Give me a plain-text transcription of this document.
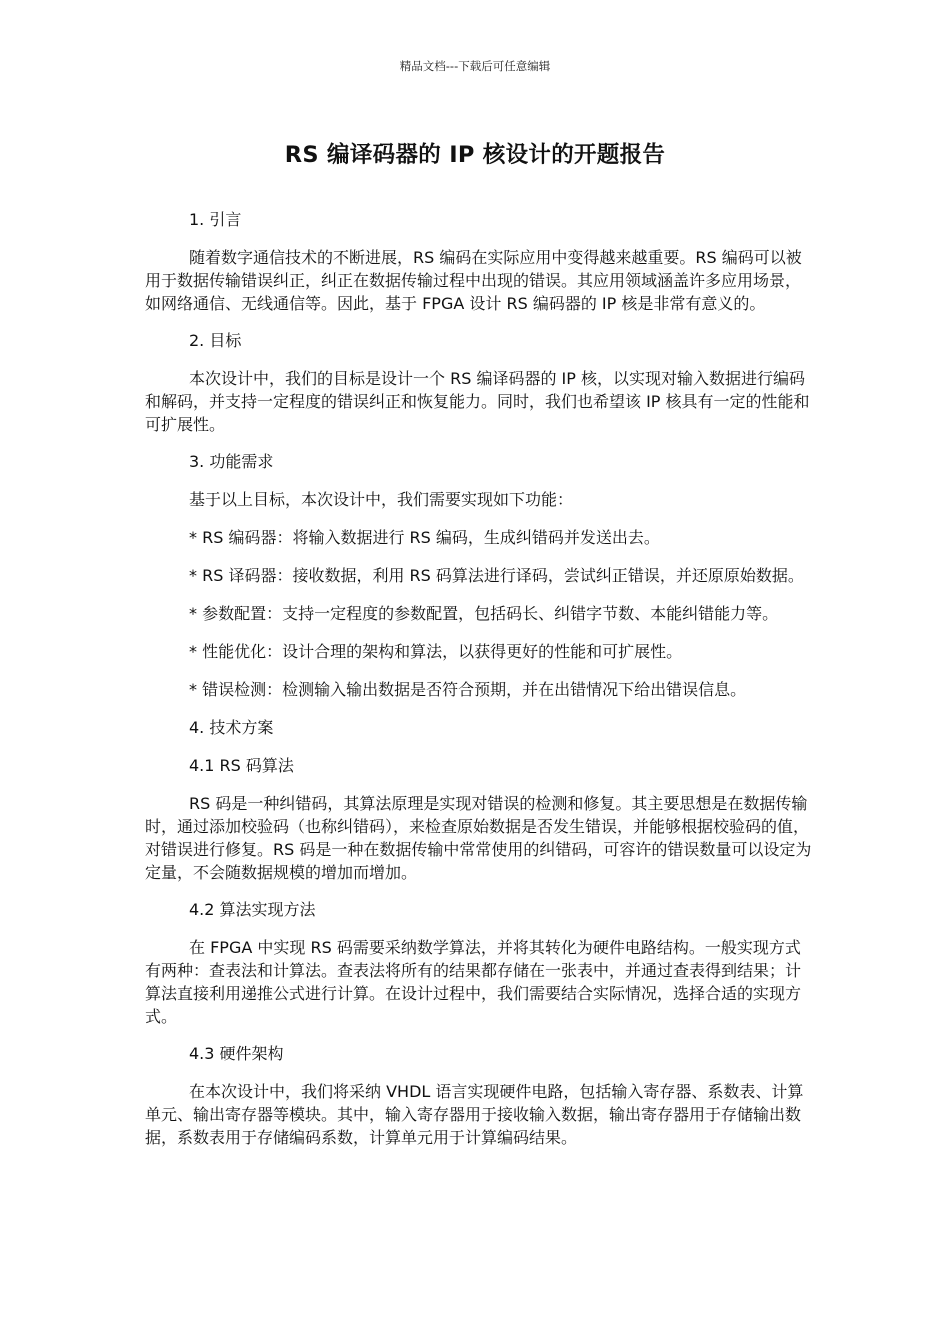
精品文档---下载后可任意编辑
RS 编译码器的 IP 核设计的开题报告

1. 引言

随着数字通信技术的不断进展，RS 编码在实际应用中变得越来越重要。RS 编码可以被用于数据传输错误纠正，纠正在数据传输过程中出现的错误。其应用领域涵盖许多应用场景，如网络通信、无线通信等。因此，基于 FPGA 设计 RS 编码器的 IP 核是非常有意义的。

2. 目标

本次设计中，我们的目标是设计一个 RS 编译码器的 IP 核，以实现对输入数据进行编码和解码，并支持一定程度的错误纠正和恢复能力。同时，我们也希望该 IP 核具有一定的性能和可扩展性。

3. 功能需求

基于以上目标，本次设计中，我们需要实现如下功能：

* RS 编码器：将输入数据进行 RS 编码，生成纠错码并发送出去。

* RS 译码器：接收数据，利用 RS 码算法进行译码，尝试纠正错误，并还原原始数据。

* 参数配置：支持一定程度的参数配置，包括码长、纠错字节数、本能纠错能力等。

* 性能优化：设计合理的架构和算法，以获得更好的性能和可扩展性。

* 错误检测：检测输入输出数据是否符合预期，并在出错情况下给出错误信息。

4. 技术方案

4.1 RS 码算法

RS 码是一种纠错码，其算法原理是实现对错误的检测和修复。其主要思想是在数据传输时，通过添加校验码（也称纠错码），来检查原始数据是否发生错误，并能够根据校验码的值，对错误进行修复。RS 码是一种在数据传输中常常使用的纠错码，可容许的错误数量可以设定为定量，不会随数据规模的增加而增加。

4.2 算法实现方法

在 FPGA 中实现 RS 码需要采纳数学算法，并将其转化为硬件电路结构。一般实现方式有两种：查表法和计算法。查表法将所有的结果都存储在一张表中，并通过查表得到结果；计算法直接利用递推公式进行计算。在设计过程中，我们需要结合实际情况，选择合适的实现方式。

4.3 硬件架构

在本次设计中，我们将采纳 VHDL 语言实现硬件电路，包括输入寄存器、系数表、计算单元、输出寄存器等模块。其中，输入寄存器用于接收输入数据，输出寄存器用于存储输出数据，系数表用于存储编码系数，计算单元用于计算编码结果。
